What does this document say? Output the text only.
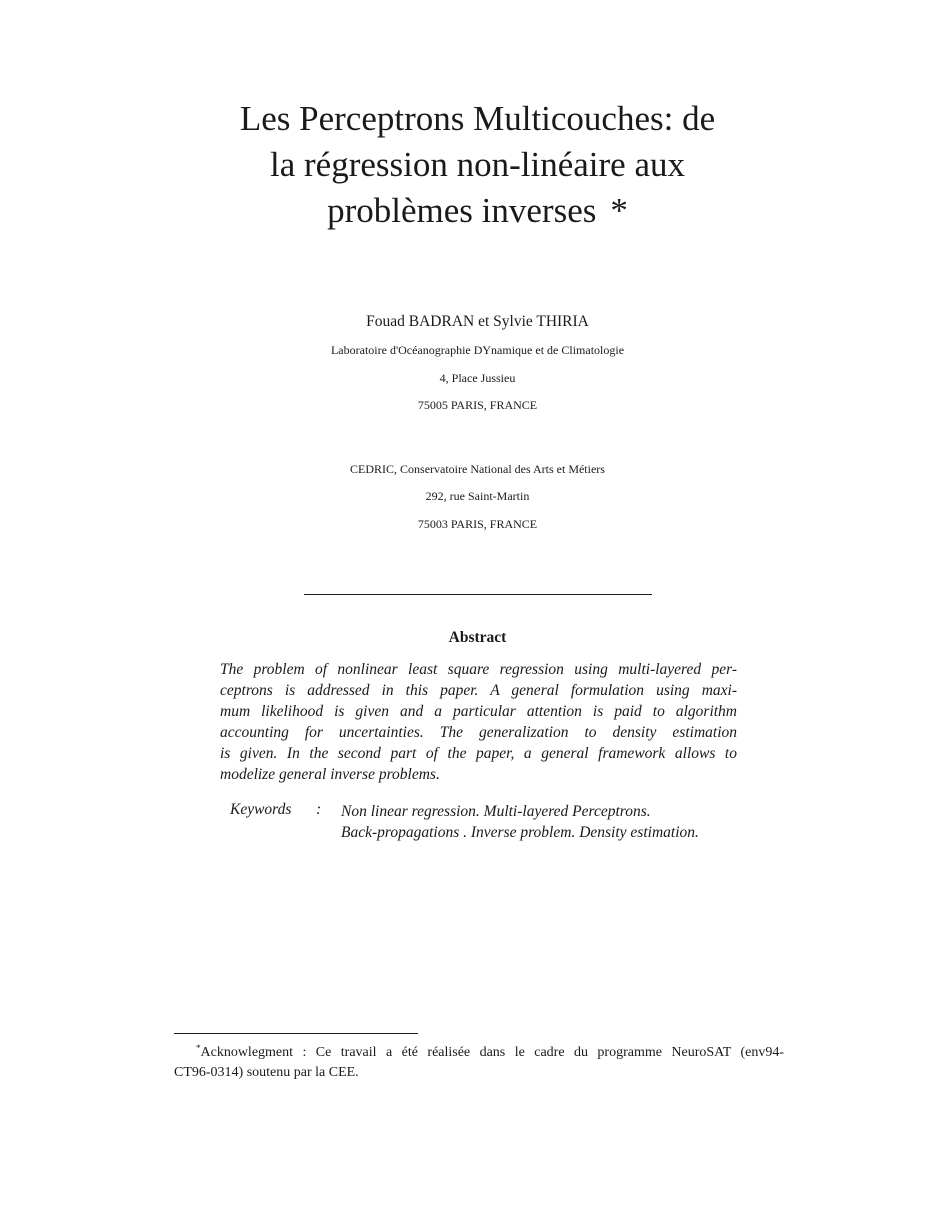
Les Perceptrons Multicouches: de
la régression non-linéaire aux
problèmes inverses *
Fouad BADRAN et Sylvie THIRIA
Laboratoire d'Océanographie DYnamique et de Climatologie
4, Place Jussieu
75005 PARIS, FRANCE
CEDRIC, Conservatoire National des Arts et Métiers
292, rue Saint-Martin
75003 PARIS, FRANCE
Abstract
The problem of nonlinear least square regression using multi-layered per-
ceptrons is addressed in this paper. A general formulation using maxi-
mum likelihood is given and a particular attention is paid to algorithm
accounting for uncertainties. The generalization to density estimation
is given. In the second part of the paper, a general framework allows to
modelize general inverse problems.
Keywords : Non linear regression. Multi-layered Perceptrons.
Back-propagations . Inverse problem. Density estimation.
*Acknowlegment : Ce travail a été réalisée dans le cadre du programme NeuroSAT (env94-
CT96-0314) soutenu par la CEE.
